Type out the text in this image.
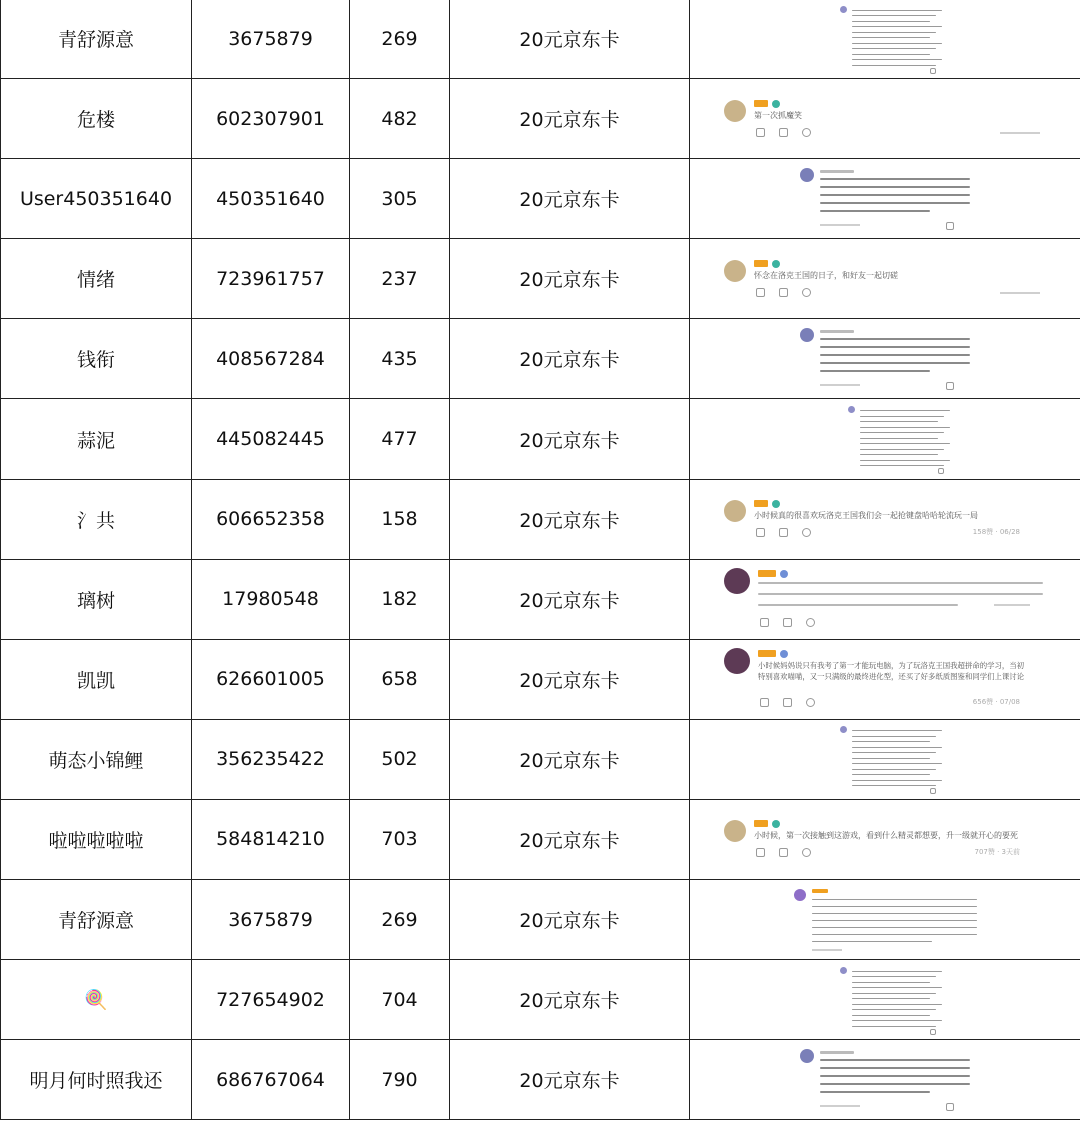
青舒源意	3675879	269	20元京东卡	

危楼	602307901	482	20元京东卡	第一次抓魔笑

User450351640	450351640	305	20元京东卡	

情绪	723961757	237	20元京东卡	怀念在洛克王国的日子，和好友一起切磋

钱衔	408567284	435	20元京东卡	

蒜泥	445082445	477	20元京东卡	

氵共	606652358	158	20元京东卡	小时候真的很喜欢玩洛克王国我们会一起抢键盘哈哈轮流玩一局
158赞 · 06/28

璃树	17980548	182	20元京东卡	

凯凯	626601005	658	20元京东卡	小时候妈妈说只有我考了第一才能玩电脑，为了玩洛克王国我超拼命的学习，当初
特别喜欢喵喵，又一只满级的最终进化型，还买了好多纸质图鉴和同学们上课讨论
656赞 · 07/08

萌态小锦鲤	356235422	502	20元京东卡	

啦啦啦啦啦	584814210	703	20元京东卡	小时候，第一次接触到这游戏，看到什么精灵都想要，升一级就开心的要死
707赞 · 3天前

青舒源意	3675879	269	20元京东卡	

🍭	727654902	704	20元京东卡	

明月何时照我还	686767064	790	20元京东卡	
